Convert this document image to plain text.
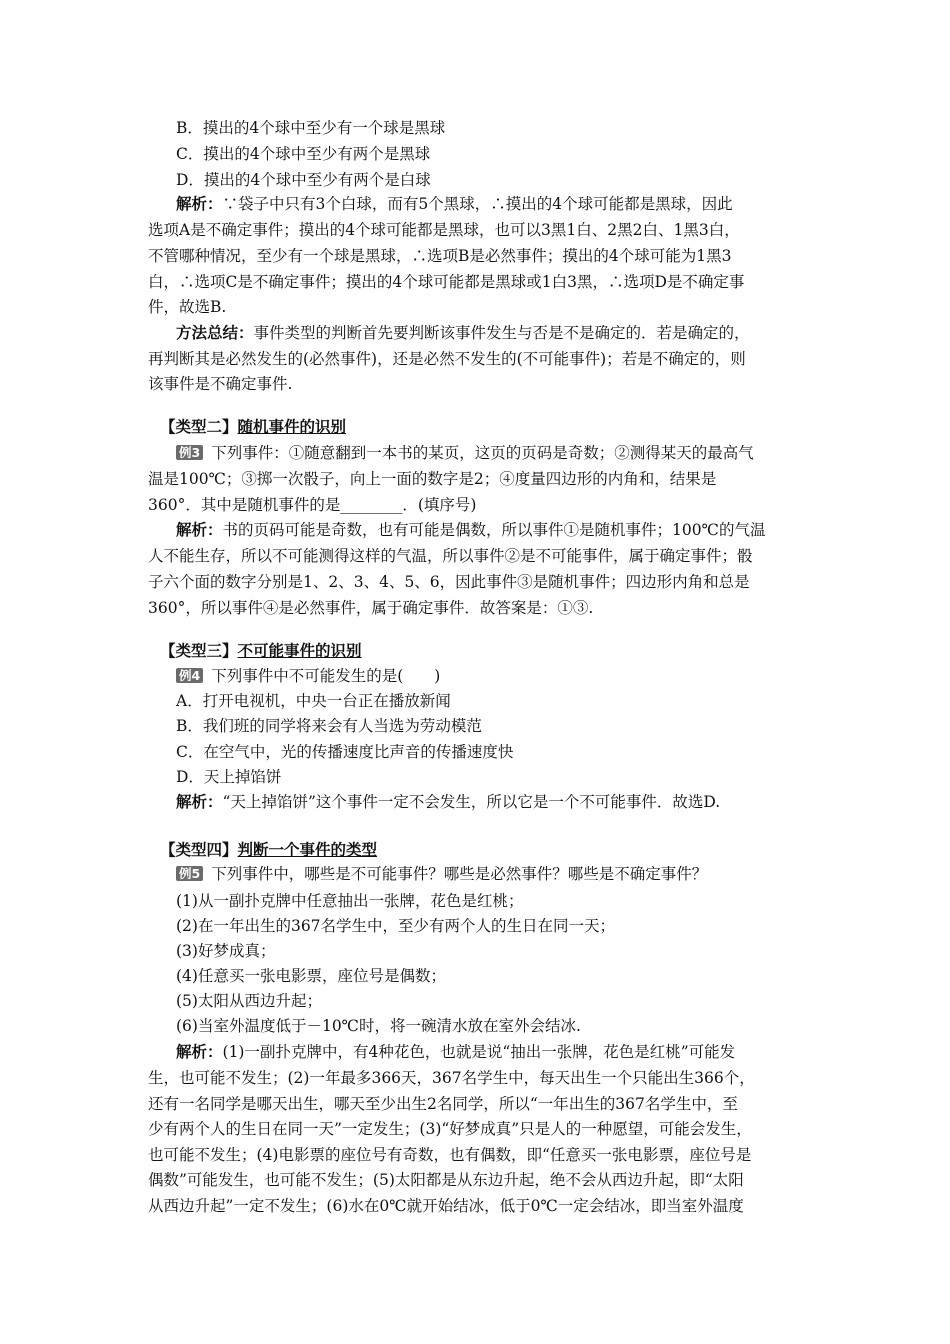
B．摸出的4个球中至少有一个球是黑球
C．摸出的4个球中至少有两个是黑球
D．摸出的4个球中至少有两个是白球
解析：∵袋子中只有3个白球，而有5个黑球，∴摸出的4个球可能都是黑球，因此
选项A是不确定事件；摸出的4个球可能都是黑球，也可以3黑1白、2黑2白、1黑3白，
不管哪种情况，至少有一个球是黑球，∴选项B是必然事件；摸出的4个球可能为1黑3
白，∴选项C是不确定事件；摸出的4个球可能都是黑球或1白3黑，∴选项D是不确定事
件，故选B.
方法总结：事件类型的判断首先要判断该事件发生与否是不是确定的．若是确定的，
再判断其是必然发生的(必然事件)，还是必然不发生的(不可能事件)；若是不确定的，则
该事件是不确定事件.
【类型二】随机事件的识别
例3 下列事件：①随意翻到一本书的某页，这页的页码是奇数；②测得某天的最高气
温是100℃；③掷一次骰子，向上一面的数字是2；④度量四边形的内角和，结果是
360°．其中是随机事件的是________．(填序号)
解析：书的页码可能是奇数，也有可能是偶数，所以事件①是随机事件；100℃的气温
人不能生存，所以不可能测得这样的气温，所以事件②是不可能事件，属于确定事件；骰
子六个面的数字分别是1、2、3、4、5、6，因此事件③是随机事件；四边形内角和总是
360°，所以事件④是必然事件，属于确定事件．故答案是：①③.
【类型三】不可能事件的识别
例4 下列事件中不可能发生的是(　　)
A．打开电视机，中央一台正在播放新闻
B．我们班的同学将来会有人当选为劳动模范
C．在空气中，光的传播速度比声音的传播速度快
D．天上掉馅饼
解析：“天上掉馅饼”这个事件一定不会发生，所以它是一个不可能事件．故选D.
【类型四】判断一个事件的类型
例5 下列事件中，哪些是不可能事件？哪些是必然事件？哪些是不确定事件？
(1)从一副扑克牌中任意抽出一张牌，花色是红桃；
(2)在一年出生的367名学生中，至少有两个人的生日在同一天；
(3)好梦成真；
(4)任意买一张电影票，座位号是偶数；
(5)太阳从西边升起；
(6)当室外温度低于－10℃时，将一碗清水放在室外会结冰.
解析：(1)一副扑克牌中，有4种花色，也就是说“抽出一张牌，花色是红桃”可能发
生，也可能不发生；(2)一年最多366天，367名学生中，每天出生一个只能出生366个，
还有一名同学是哪天出生，哪天至少出生2名同学，所以“一年出生的367名学生中，至
少有两个人的生日在同一天”一定发生；(3)“好梦成真”只是人的一种愿望，可能会发生，
也可能不发生；(4)电影票的座位号有奇数，也有偶数，即“任意买一张电影票，座位号是
偶数”可能发生，也可能不发生；(5)太阳都是从东边升起，绝不会从西边升起，即“太阳
从西边升起”一定不发生；(6)水在0℃就开始结冰，低于0℃一定会结冰，即当室外温度
